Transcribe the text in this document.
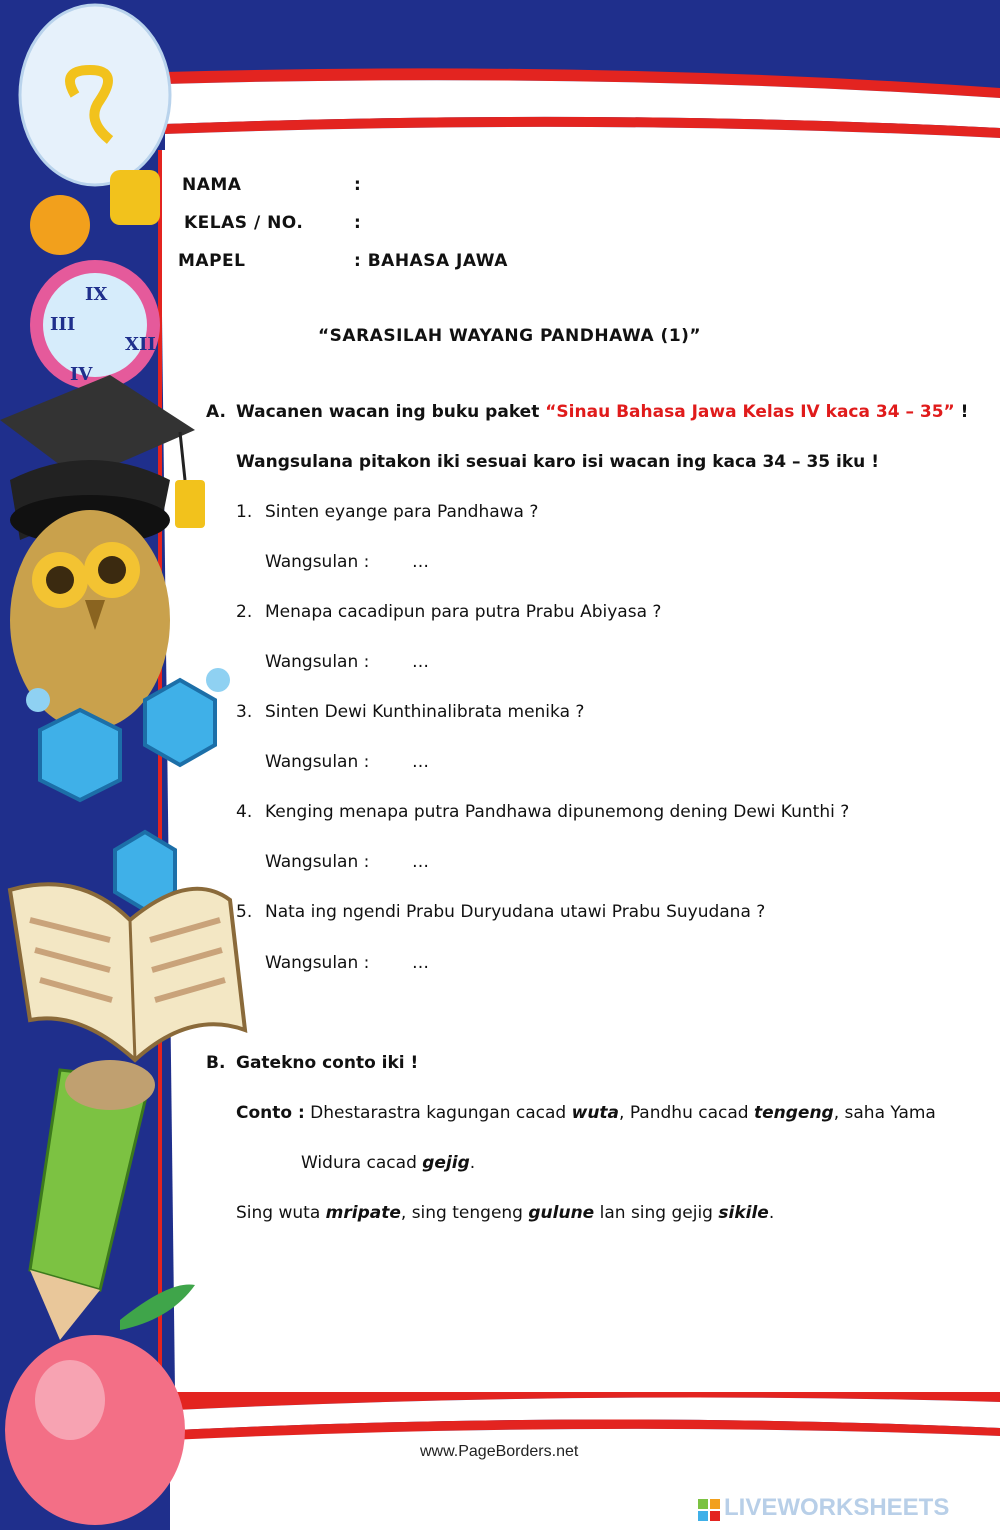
IX
III
XII
IV
NAMA	:
KELAS / NO.	:
MAPEL	: BAHASA JAWA
“SARASILAH WAYANG PANDHAWA (1)”
A. Wacanen wacan ing buku paket “Sinau Bahasa Jawa Kelas IV kaca 34 – 35” !
Wangsulana pitakon iki sesuai karo isi wacan ing kaca 34 – 35 iku !
1. Sinten eyange para Pandhawa ?
Wangsulan :	…
2. Menapa cacadipun para putra Prabu Abiyasa ?
Wangsulan :	…
3. Sinten Dewi Kunthinalibrata menika ?
Wangsulan :	…
4. Kenging menapa putra Pandhawa dipunemong dening Dewi Kunthi ?
Wangsulan :	…
5. Nata ing ngendi Prabu Duryudana utawi Prabu Suyudana ?
Wangsulan :	…
B. Gatekno conto iki !
Conto : Dhestarastra kagungan cacad wuta, Pandhu cacad tengeng, saha Yama
Widura cacad gejig.
Sing wuta mripate, sing tengeng gulune lan sing gejig sikile.
www.PageBorders.net
LIVEWORKSHEETS
